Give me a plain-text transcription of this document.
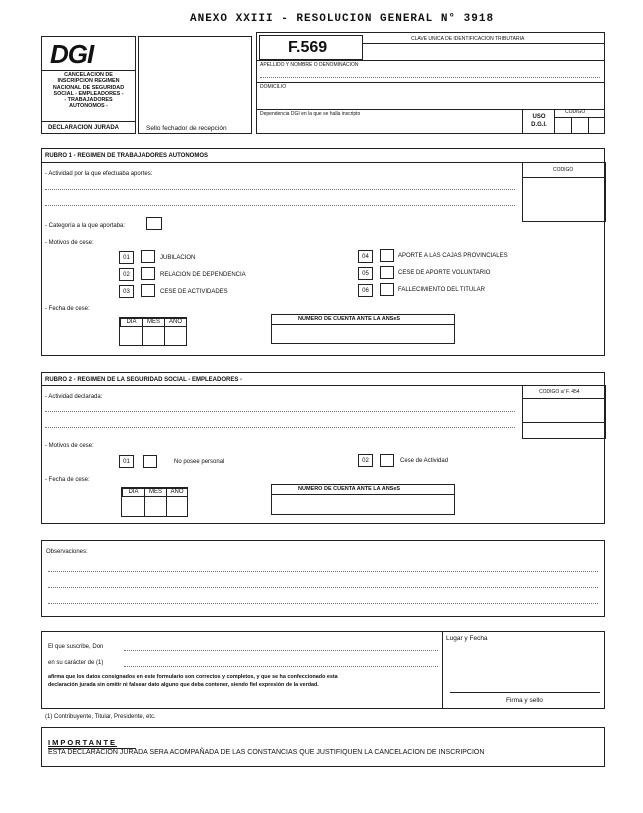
ANEXO XXIII - RESOLUCION GENERAL N° 3918
DGI
CANCELACION DE
INSCRIPCION REGIMEN
NACIONAL DE SEGURIDAD
SOCIAL - EMPLEADORES -
- TRABAJADORES
AUTONOMOS -
DECLARACION JURADA	Sello fechador de recepción
F.569	CLAVE UNICA DE IDENTIFICACION TRIBUTARIA
APELLIDO Y NOMBRE O DENOMINACION
DOMICILIO
Dependencia DGI en la que se halla inscripto	USO D.G.I.
CODIGO
RUBRO 1 - REGIMEN DE TRABAJADORES AUTONOMOS
- Actividad por la que efectuaba aportes:
CODIGO
- Categoría a la que aportaba:
- Motivos de cese:
01	JUBILACION
02	RELACION DE DEPENDENCIA
03	CESE DE ACTIVIDADES
04	APORTE A LAS CAJAS PROVINCIALES
05	CESE DE APORTE VOLUNTARIO
06	FALLECIMIENTO DEL TITULAR
- Fecha de cese:
DIA	MES	AÑO	NUMERO DE CUENTA ANTE LA ANSeS
RUBRO 2 - REGIMEN DE LA SEGURIDAD SOCIAL - EMPLEADORES -
- Actividad declarada:
CODIGO s/ F. 454
- Motivos de cese:
01	No posee personal	02	Cese de Actividad
- Fecha de cese:
DIA	MES	AÑO	NUMERO DE CUENTA ANTE LA ANSeS
Observaciones:
El que suscribe, Don
en su carácter de (1)
afirma que los datos consignados en este formulario son correctos y completos, y que se ha confeccionado esta
declaración jurada sin omitir ni falsear dato alguno que deba contener, siendo fiel expresión de la verdad.
Lugar y Fecha
Firma y sello
(1) Contribuyente, Titular, Presidente, etc.
IMPORTANTE
ESTA DECLARACION JURADA SERA ACOMPAÑADA DE LAS CONSTANCIAS QUE JUSTIFIQUEN LA CANCELACION DE INSCRIPCION
